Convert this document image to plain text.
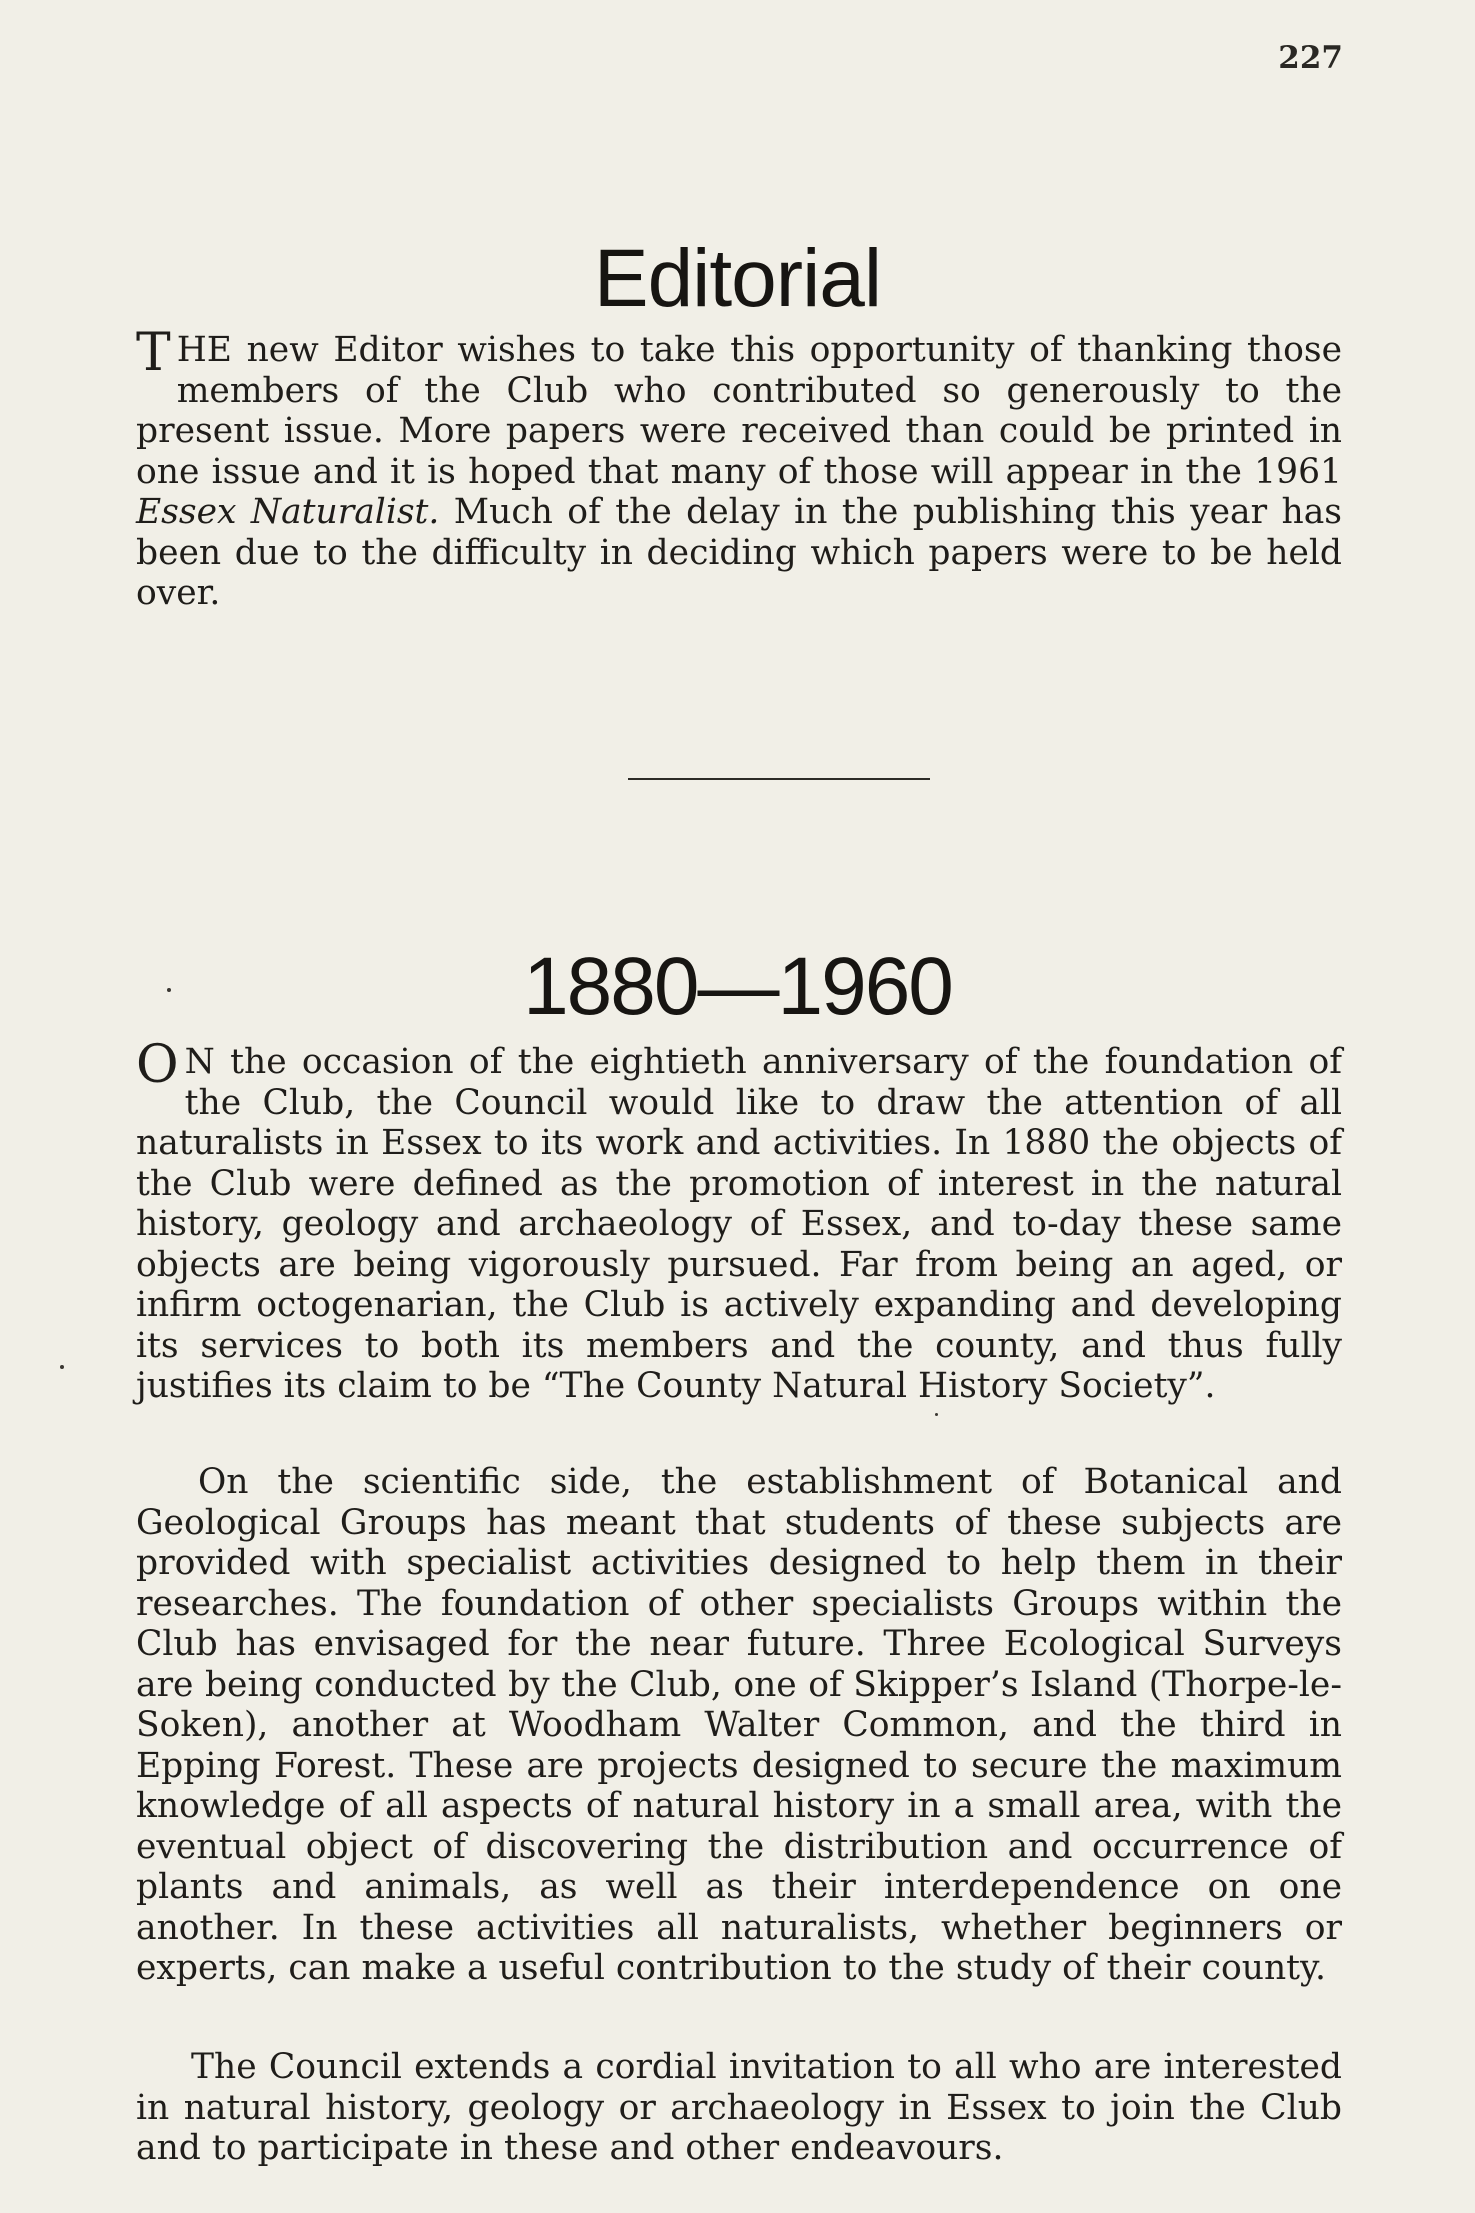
227
Editorial

THE new Editor wishes to take this opportunity of thanking those members of the Club who contributed so generously to the present issue. More papers were received than could be printed in one issue and it is hoped that many of those will appear in the 1961 Essex Naturalist. Much of the delay in the publishing this year has been due to the difficulty in deciding which papers were to be held over.

1880—1960

O N the occasion of the eightieth anniversary of the foundation of the Club, the Council would like to draw the attention of all naturalists in Essex to its work and activities. In 1880 the objects of the Club were defined as the promotion of interest in the natural history, geology and archaeology of Essex, and to-day these same objects are being vigorously pursued. Far from being an aged, or infirm octogenarian, the Club is actively expanding and developing its services to both its members and the county, and thus fully justifies its claim to be “The County Natural History Society”.

On the scientific side, the establishment of Botanical and Geological Groups has meant that students of these subjects are provided with specialist activities designed to help them in their researches. The foundation of other specialists Groups within the Club has envisaged for the near future. Three Ecological Surveys are being conducted by the Club, one of Skipper’s Island (Thorpe-le-Soken), another at Woodham Walter Common, and the third in Epping Forest. These are projects designed to secure the maximum knowledge of all aspects of natural history in a small area, with the eventual object of discovering the distribution and occurrence of plants and animals, as well as their interdependence on one another. In these activities all naturalists, whether beginners or experts, can make a useful contribution to the study of their county.

The Council extends a cordial invitation to all who are interested in natural history, geology or archaeology in Essex to join the Club and to participate in these and other endeavours.
